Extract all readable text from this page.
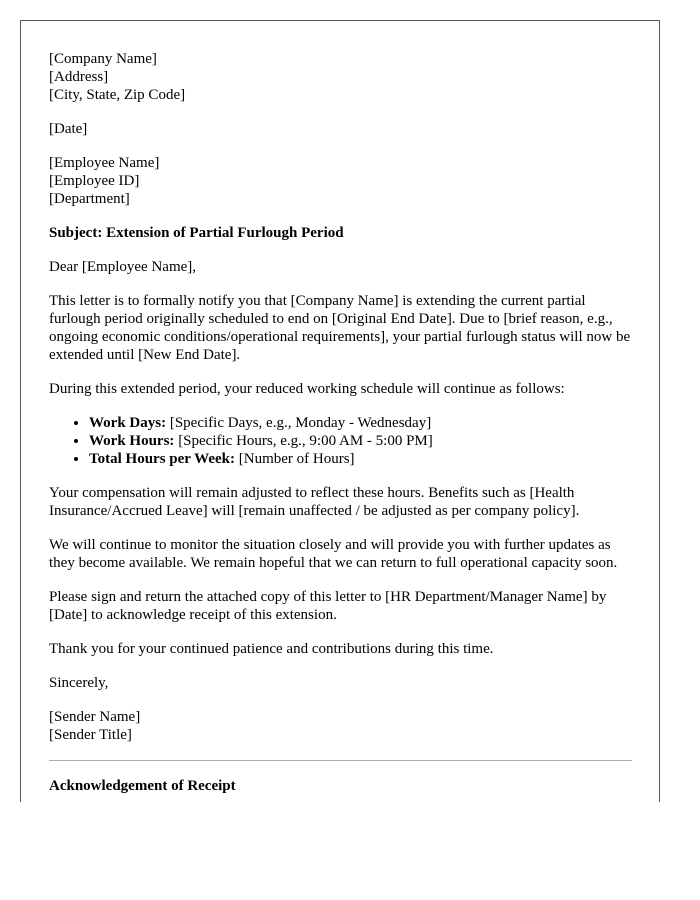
[Company Name]
[Address]
[City, State, Zip Code]
[Date]
[Employee Name]
[Employee ID]
[Department]

Subject: Extension of Partial Furlough Period

Dear [Employee Name],

This letter is to formally notify you that [Company Name] is extending the current partial furlough period originally scheduled to end on [Original End Date]. Due to [brief reason, e.g., ongoing economic conditions/operational requirements], your partial furlough status will now be extended until [New End Date].

During this extended period, your reduced working schedule will continue as follows:

• Work Days: [Specific Days, e.g., Monday - Wednesday]
• Work Hours: [Specific Hours, e.g., 9:00 AM - 5:00 PM]
• Total Hours per Week: [Number of Hours]

Your compensation will remain adjusted to reflect these hours. Benefits such as [Health Insurance/Accrued Leave] will [remain unaffected / be adjusted as per company policy].

We will continue to monitor the situation closely and will provide you with further updates as they become available. We remain hopeful that we can return to full operational capacity soon.

Please sign and return the attached copy of this letter to [HR Department/Manager Name] by [Date] to acknowledge receipt of this extension.

Thank you for your continued patience and contributions during this time.

Sincerely,

[Sender Name]
[Sender Title]

Acknowledgement of Receipt
